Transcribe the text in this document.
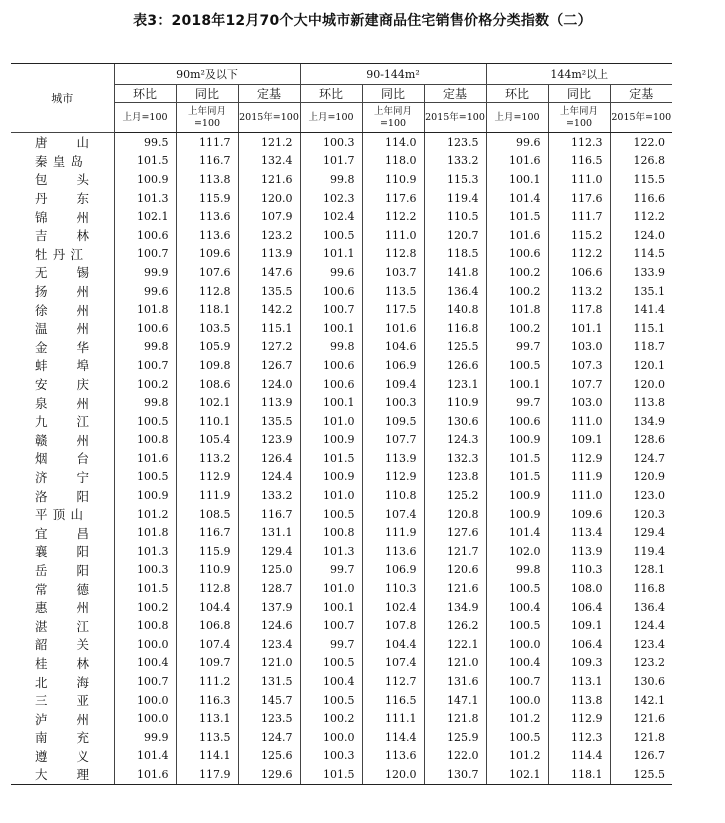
表3：2018年12月70个大中城市新建商品住宅销售价格分类指数（二）
城市	90m²及以下			90-144m²			144m²以上		
	环比	同比	定基	环比	同比	定基	环比	同比	定基
	上月=100	上年同月=100	2015年=100	上月=100	上年同月=100	2015年=100	上月=100	上年同月=100	2015年=100

唐 山	99.5	111.7	121.2	100.3	114.0	123.5	99.6	112.3	122.0

秦 皇 岛	101.5	116.7	132.4	101.7	118.0	133.2	101.6	116.5	126.8

包 头	100.9	113.8	121.6	99.8	110.9	115.3	100.1	111.0	115.5

丹 东	101.3	115.9	120.0	102.3	117.6	119.4	101.4	117.6	116.6

锦 州	102.1	113.6	107.9	102.4	112.2	110.5	101.5	111.7	112.2

吉 林	100.6	113.6	123.2	100.5	111.0	120.7	101.6	115.2	124.0

牡 丹 江	100.7	109.6	113.9	101.1	112.8	118.5	100.6	112.2	114.5

无 锡	99.9	107.6	147.6	99.6	103.7	141.8	100.2	106.6	133.9

扬 州	99.6	112.8	135.5	100.6	113.5	136.4	100.2	113.2	135.1

徐 州	101.8	118.1	142.2	100.7	117.5	140.8	101.8	117.8	141.4

温 州	100.6	103.5	115.1	100.1	101.6	116.8	100.2	101.1	115.1

金 华	99.8	105.9	127.2	99.8	104.6	125.5	99.7	103.0	118.7

蚌 埠	100.7	109.8	126.7	100.6	106.9	126.6	100.5	107.3	120.1

安 庆	100.2	108.6	124.0	100.6	109.4	123.1	100.1	107.7	120.0

泉 州	99.8	102.1	113.9	100.1	100.3	110.9	99.7	103.0	113.8

九 江	100.5	110.1	135.5	101.0	109.5	130.6	100.6	111.0	134.9

赣 州	100.8	105.4	123.9	100.9	107.7	124.3	100.9	109.1	128.6

烟 台	101.6	113.2	126.4	101.5	113.9	132.3	101.5	112.9	124.7

济 宁	100.5	112.9	124.4	100.9	112.9	123.8	101.5	111.9	120.9

洛 阳	100.9	111.9	133.2	101.0	110.8	125.2	100.9	111.0	123.0

平 顶 山	101.2	108.5	116.7	100.5	107.4	120.8	100.9	109.6	120.3

宜 昌	101.8	116.7	131.1	100.8	111.9	127.6	101.4	113.4	129.4

襄 阳	101.3	115.9	129.4	101.3	113.6	121.7	102.0	113.9	119.4

岳 阳	100.3	110.9	125.0	99.7	106.9	120.6	99.8	110.3	128.1

常 德	101.5	112.8	128.7	101.0	110.3	121.6	100.5	108.0	116.8

惠 州	100.2	104.4	137.9	100.1	102.4	134.9	100.4	106.4	136.4

湛 江	100.8	106.8	124.6	100.7	107.8	126.2	100.5	109.1	124.4

韶 关	100.0	107.4	123.4	99.7	104.4	122.1	100.0	106.4	123.4

桂 林	100.4	109.7	121.0	100.5	107.4	121.0	100.4	109.3	123.2

北 海	100.7	111.2	131.5	100.4	112.7	131.6	100.7	113.1	130.6

三 亚	100.0	116.3	145.7	100.5	116.5	147.1	100.0	113.8	142.1

泸 州	100.0	113.1	123.5	100.2	111.1	121.8	101.2	112.9	121.6

南 充	99.9	113.5	124.7	100.0	114.4	125.9	100.5	112.3	121.8

遵 义	101.4	114.1	125.6	100.3	113.6	122.0	101.2	114.4	126.7

大 理	101.6	117.9	129.6	101.5	120.0	130.7	102.1	118.1	125.5
